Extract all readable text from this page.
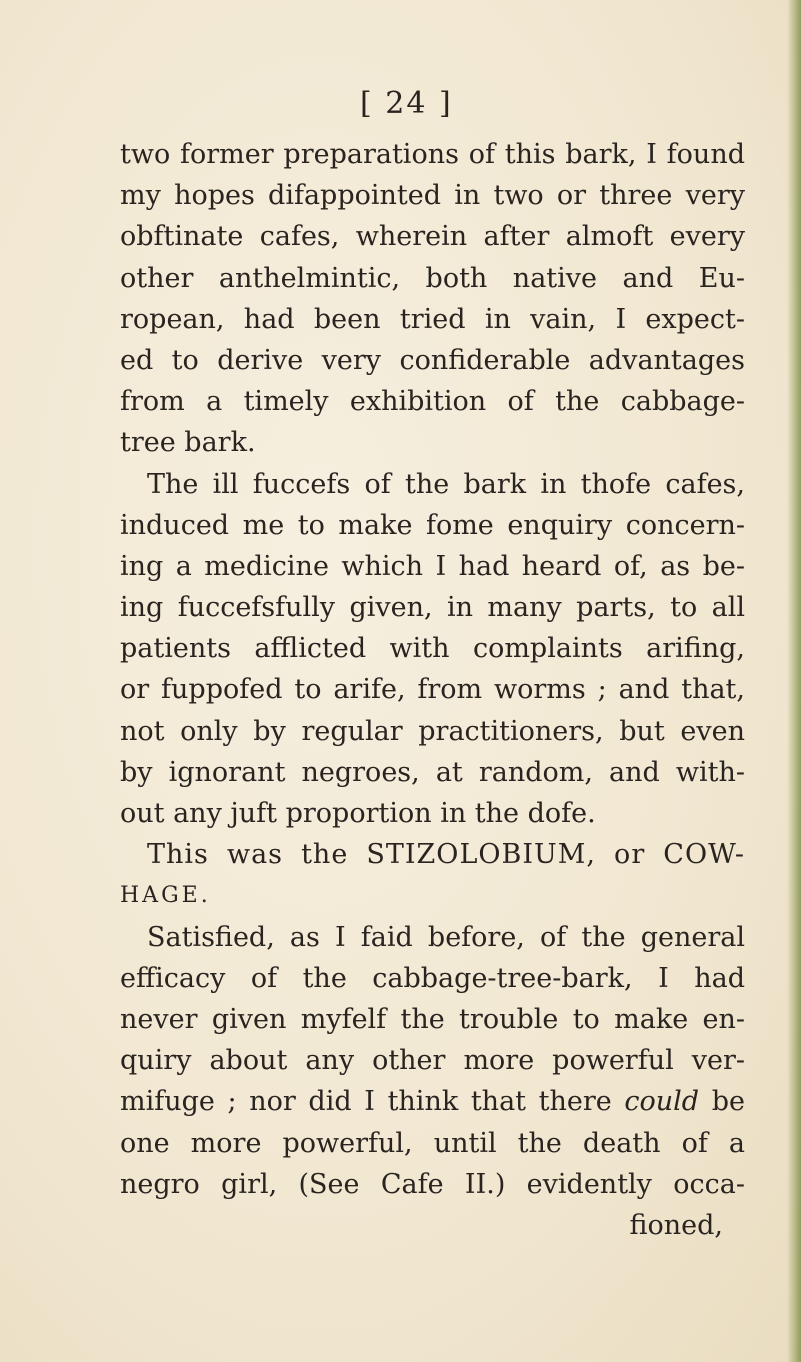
[ 24 ]
two former preparations of this bark, I found
my hopes difappointed in two or three very
obftinate cafes, wherein after almoft every
other anthelmintic, both native and Eu-
ropean, had been tried in vain, I expect-
ed to derive very confiderable advantages
from a timely exhibition of the cabbage-
tree bark.
The ill fuccefs of the bark in thofe cafes,
induced me to make fome enquiry concern-
ing a medicine which I had heard of, as be-
ing fuccefsfully given, in many parts, to all
patients afflicted with complaints arifing,
or fuppofed to arife, from worms ; and that,
not only by regular practitioners, but even
by ignorant negroes, at random, and with-
out any juft proportion in the dofe.
This was the STIZOLOBIUM, or COW-
HAGE.
Satisfied, as I faid before, of the general
efficacy of the cabbage-tree-bark, I had
never given myfelf the trouble to make en-
quiry about any other more powerful ver-
mifuge ; nor did I think that there could be
one more powerful, until the death of a
negro girl, (See Cafe II.) evidently occa-
fioned,
